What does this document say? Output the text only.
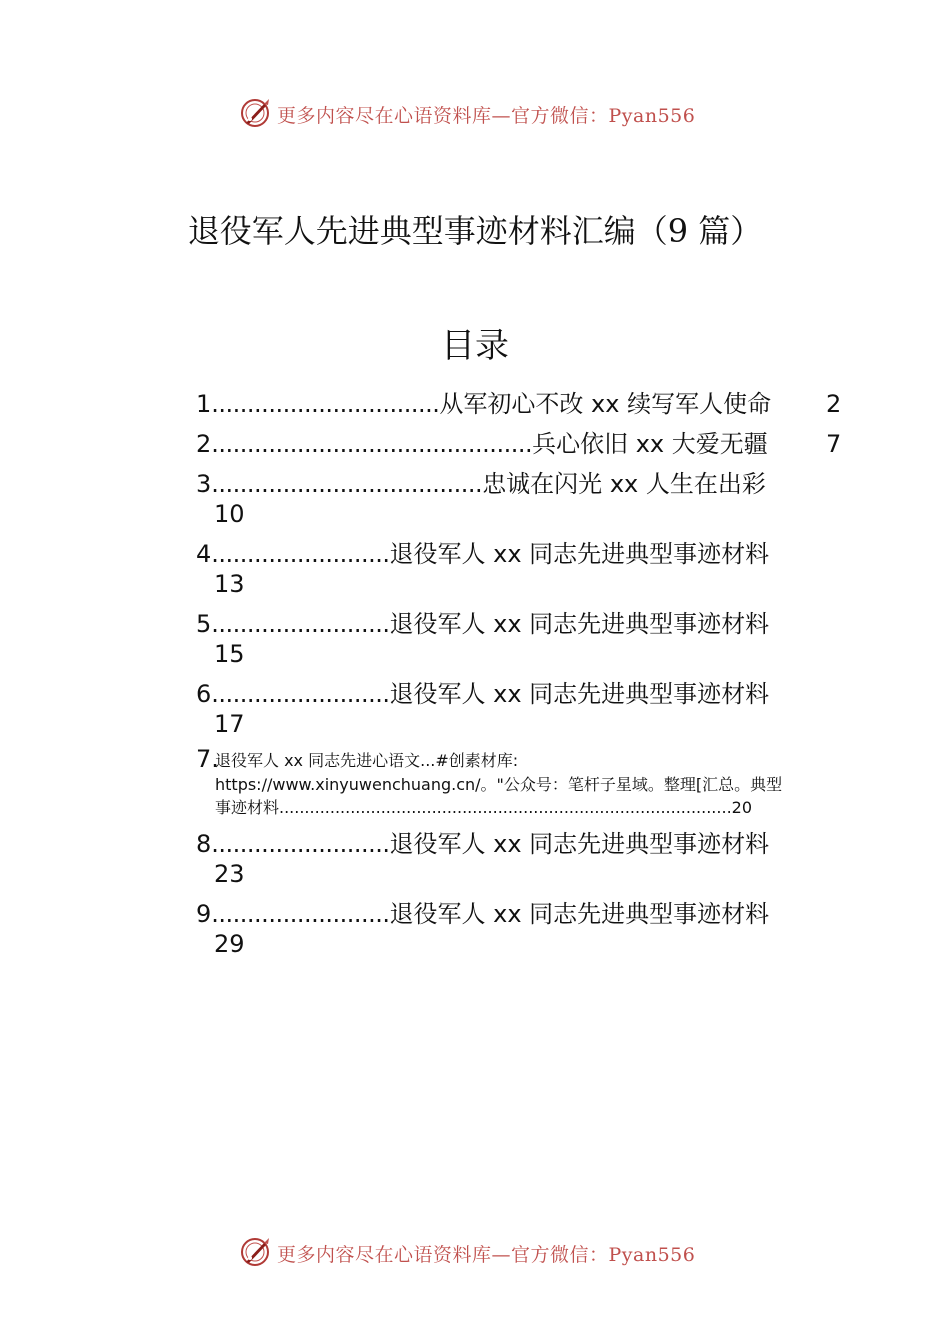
更多内容尽在心语资料库—官方微信：Pyan556
退役军人先进典型事迹材料汇编（9 篇）
目录
1................................从军初心不改 xx 续写军人使命 2
2.............................................兵心依旧 xx 大爱无疆 7
3......................................忠诚在闪光 xx 人生在出彩
10
4.........................退役军人 xx 同志先进典型事迹材料
13
5.........................退役军人 xx 同志先进典型事迹材料
15
6.........................退役军人 xx 同志先进典型事迹材料
17
7.
退役军人 xx 同志先进心语文...#创素材库:
https://www.xinyuwenchuang.cn/。"公众号：笔杆子星域。整理[汇总。典型
事迹材料.........................................................................................20
8.........................退役军人 xx 同志先进典型事迹材料
23
9.........................退役军人 xx 同志先进典型事迹材料
29
更多内容尽在心语资料库—官方微信：Pyan556
